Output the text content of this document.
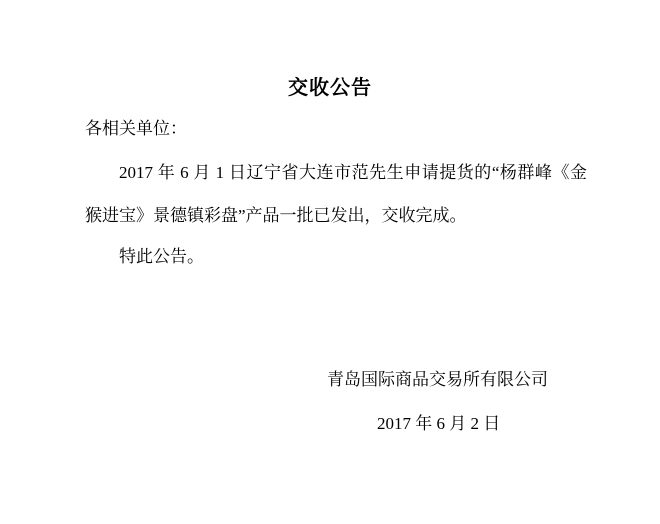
交收公告

各相关单位：

2017 年 6 月 1 日辽宁省大连市范先生申请提货的“杨群峰《金猴进宝》景德镇彩盘”产品一批已发出，交收完成。

特此公告。

青岛国际商品交易所有限公司

2017 年 6 月 2 日
